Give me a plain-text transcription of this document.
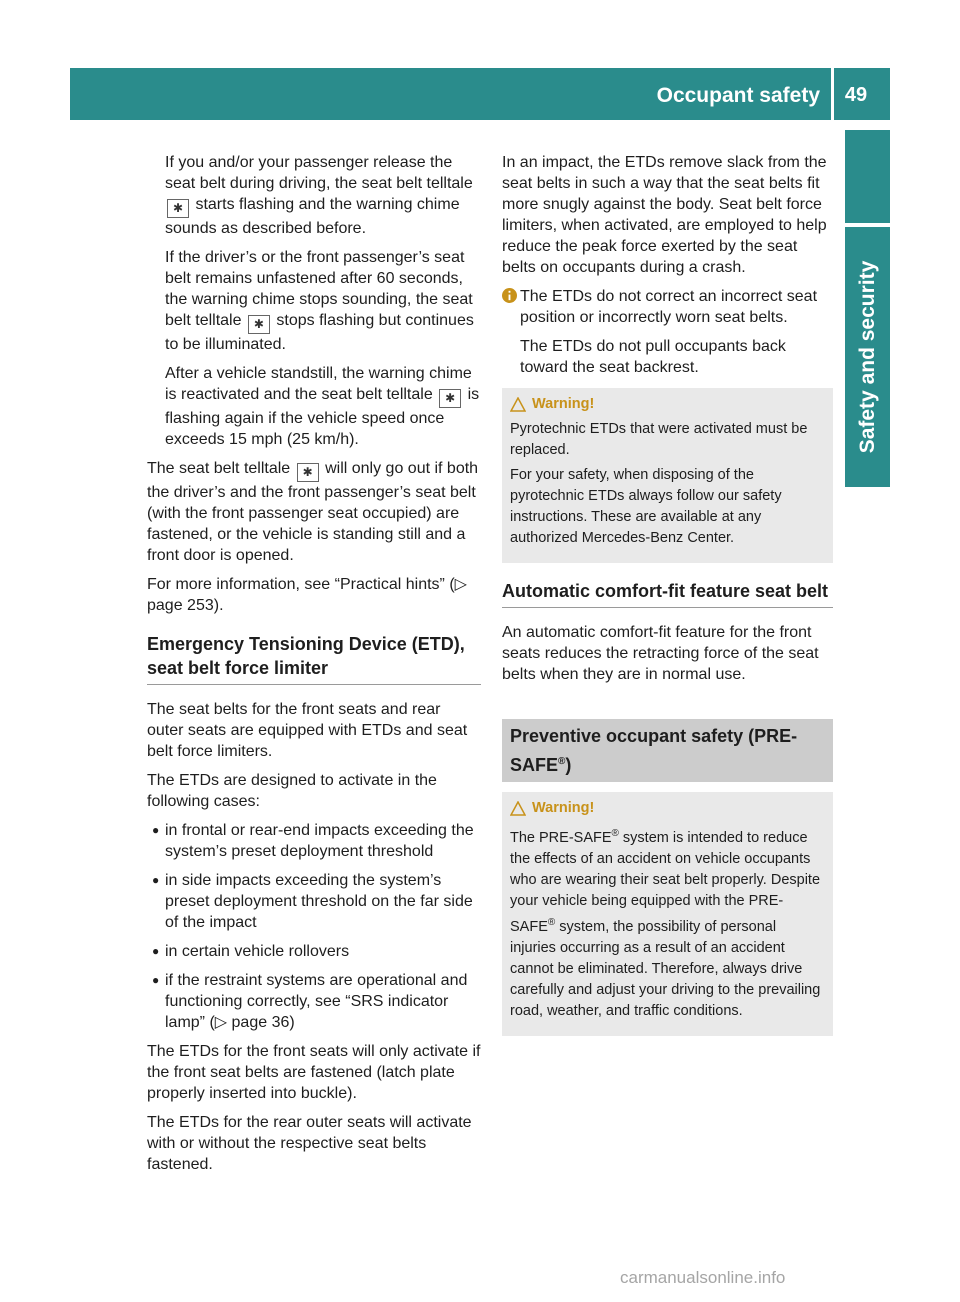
Occupant safety	49
Safety and security

If you and/or your passenger release the seat belt during driving, the seat belt telltale ✱ starts flashing and the warning chime sounds as described before.

If the driver’s or the front passenger’s seat belt remains unfastened after 60 seconds, the warning chime stops sounding, the seat belt telltale ✱ stops flashing but continues to be illuminated.

After a vehicle standstill, the warning chime is reactivated and the seat belt telltale ✱ is flashing again if the vehicle speed once exceeds 15 mph (25 km/h).

The seat belt telltale ✱ will only go out if both the driver’s and the front passenger’s seat belt (with the front passenger seat occupied) are fastened, or the vehicle is standing still and a front door is opened.

For more information, see “Practical hints” (▷ page 253).

Emergency Tensioning Device (ETD), seat belt force limiter

The seat belts for the front seats and rear outer seats are equipped with ETDs and seat belt force limiters.

The ETDs are designed to activate in the following cases:

● in frontal or rear-end impacts exceeding the system’s preset deployment threshold
● in side impacts exceeding the system’s preset deployment threshold on the far side of the impact
● in certain vehicle rollovers
● if the restraint systems are operational and functioning correctly, see “SRS indicator lamp” (▷ page 36)

The ETDs for the front seats will only activate if the front seat belts are fastened (latch plate properly inserted into buckle).

The ETDs for the rear outer seats will activate with or without the respective seat belts fastened.

In an impact, the ETDs remove slack from the seat belts in such a way that the seat belts fit more snugly against the body. Seat belt force limiters, when activated, are employed to help reduce the peak force exerted by the seat belts on occupants during a crash.

The ETDs do not correct an incorrect seat position or incorrectly worn seat belts.

The ETDs do not pull occupants back toward the seat backrest.

Warning!

Pyrotechnic ETDs that were activated must be replaced.

For your safety, when disposing of the pyrotechnic ETDs always follow our safety instructions. These are available at any authorized Mercedes-Benz Center.

Automatic comfort-fit feature seat belt

An automatic comfort-fit feature for the front seats reduces the retracting force of the seat belts when they are in normal use.

Preventive occupant safety (PRE-SAFE®)
Warning!

The PRE-SAFE® system is intended to reduce the effects of an accident on vehicle occupants who are wearing their seat belt properly. Despite your vehicle being equipped with the PRE-SAFE® system, the possibility of personal injuries occurring as a result of an accident cannot be eliminated. Therefore, always drive carefully and adjust your driving to the prevailing road, weather, and traffic conditions.

carmanualsonline.info
